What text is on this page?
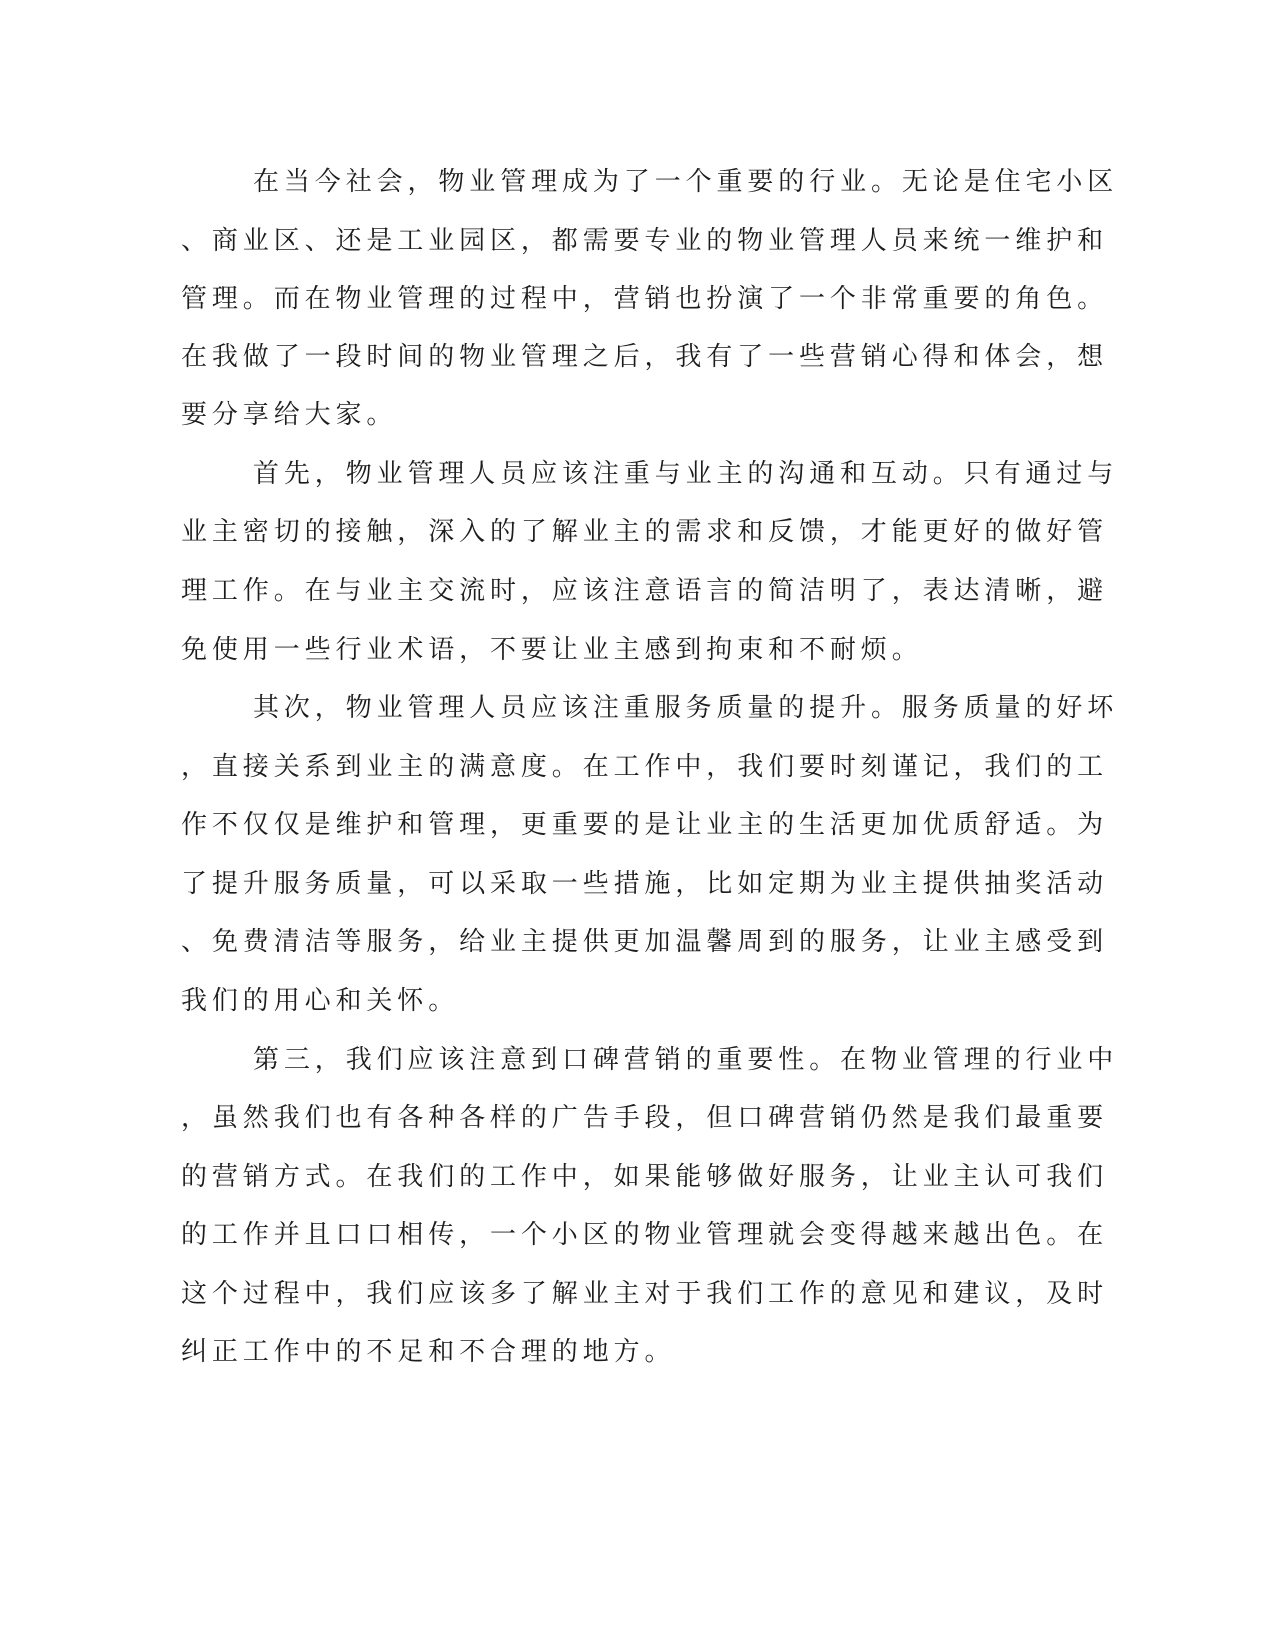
在当今社会，物业管理成为了一个重要的行业。无论是住宅小区
、商业区、还是工业园区，都需要专业的物业管理人员来统一维护和
管理。而在物业管理的过程中，营销也扮演了一个非常重要的角色。
在我做了一段时间的物业管理之后，我有了一些营销心得和体会，想
要分享给大家。
首先，物业管理人员应该注重与业主的沟通和互动。只有通过与
业主密切的接触，深入的了解业主的需求和反馈，才能更好的做好管
理工作。在与业主交流时，应该注意语言的简洁明了，表达清晰，避
免使用一些行业术语，不要让业主感到拘束和不耐烦。
其次，物业管理人员应该注重服务质量的提升。服务质量的好坏
，直接关系到业主的满意度。在工作中，我们要时刻谨记，我们的工
作不仅仅是维护和管理，更重要的是让业主的生活更加优质舒适。为
了提升服务质量，可以采取一些措施，比如定期为业主提供抽奖活动
、免费清洁等服务，给业主提供更加温馨周到的服务，让业主感受到
我们的用心和关怀。
第三，我们应该注意到口碑营销的重要性。在物业管理的行业中
，虽然我们也有各种各样的广告手段，但口碑营销仍然是我们最重要
的营销方式。在我们的工作中，如果能够做好服务，让业主认可我们
的工作并且口口相传，一个小区的物业管理就会变得越来越出色。在
这个过程中，我们应该多了解业主对于我们工作的意见和建议，及时
纠正工作中的不足和不合理的地方。
